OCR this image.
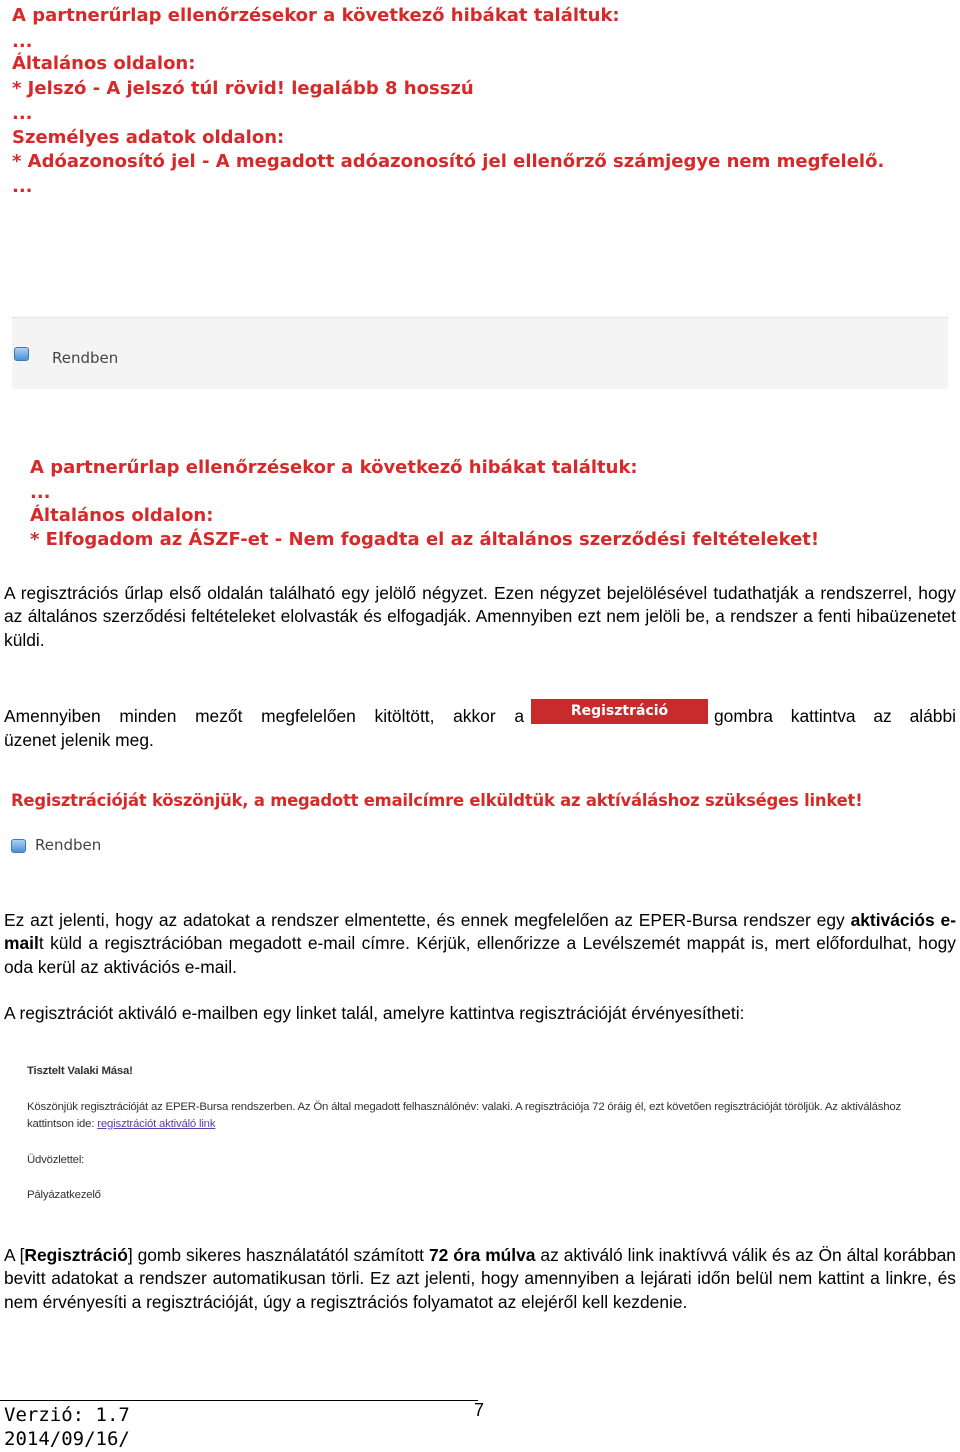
A partnerűrlap ellenőrzésekor a következő hibákat találtuk:
...
Általános oldalon:
* Jelszó - A jelszó túl rövid! legalább 8 hosszú
...
Személyes adatok oldalon:
* Adóazonosító jel - A megadott adóazonosító jel ellenőrző számjegye nem megfelelő.
...
Rendben
A partnerűrlap ellenőrzésekor a következő hibákat találtuk:
...
Általános oldalon:
* Elfogadom az ÁSZF-et - Nem fogadta el az általános szerződési feltételeket!
A regisztrációs űrlap első oldalán található egy jelölő négyzet. Ezen négyzet bejelölésével tudathatják a rendszerrel, hogy az általános szerződési feltételeket elolvasták és elfogadják. Amennyiben ezt nem jelöli be, a rendszer a fenti hibaüzenetet küldi.
Amennyiben minden mezőt megfelelően kitöltött, akkor a	Regisztráció	gombra kattintva az alábbi
üzenet jelenik meg.
Regisztrációját köszönjük, a megadott emailcímre elküldtük az aktíváláshoz szükséges linket!
Rendben
Ez azt jelenti, hogy az adatokat a rendszer elmentette, és ennek megfelelően az EPER-Bursa rendszer egy aktivációs e-mailt küld a regisztrációban megadott e-mail címre. Kérjük, ellenőrizze a Levélszemét mappát is, mert előfordulhat, hogy oda kerül az aktivációs e-mail.
A regisztrációt aktiváló e-mailben egy linket talál, amelyre kattintva regisztrációját érvényesítheti:
Tisztelt Valaki Mása!
Köszönjük regisztrációját az EPER-Bursa rendszerben. Az Ön által megadott felhasználónév: valaki. A regisztrációja 72 óráig él, ezt követően regisztrációját töröljük. Az aktiváláshoz
kattintson ide: regisztrációt aktiváló link
Üdvözlettel:
Pályázatkezelő
A [Regisztráció] gomb sikeres használatától számított 72 óra múlva az aktiváló link inaktívvá válik és az Ön által korábban bevitt adatokat a rendszer automatikusan törli. Ez azt jelenti, hogy amennyiben a lejárati időn belül nem kattint a linkre, és nem érvényesíti a regisztrációját, úgy a regisztrációs folyamatot az elejéről kell kezdenie.
Verzió: 1.7
2014/09/16/
7
